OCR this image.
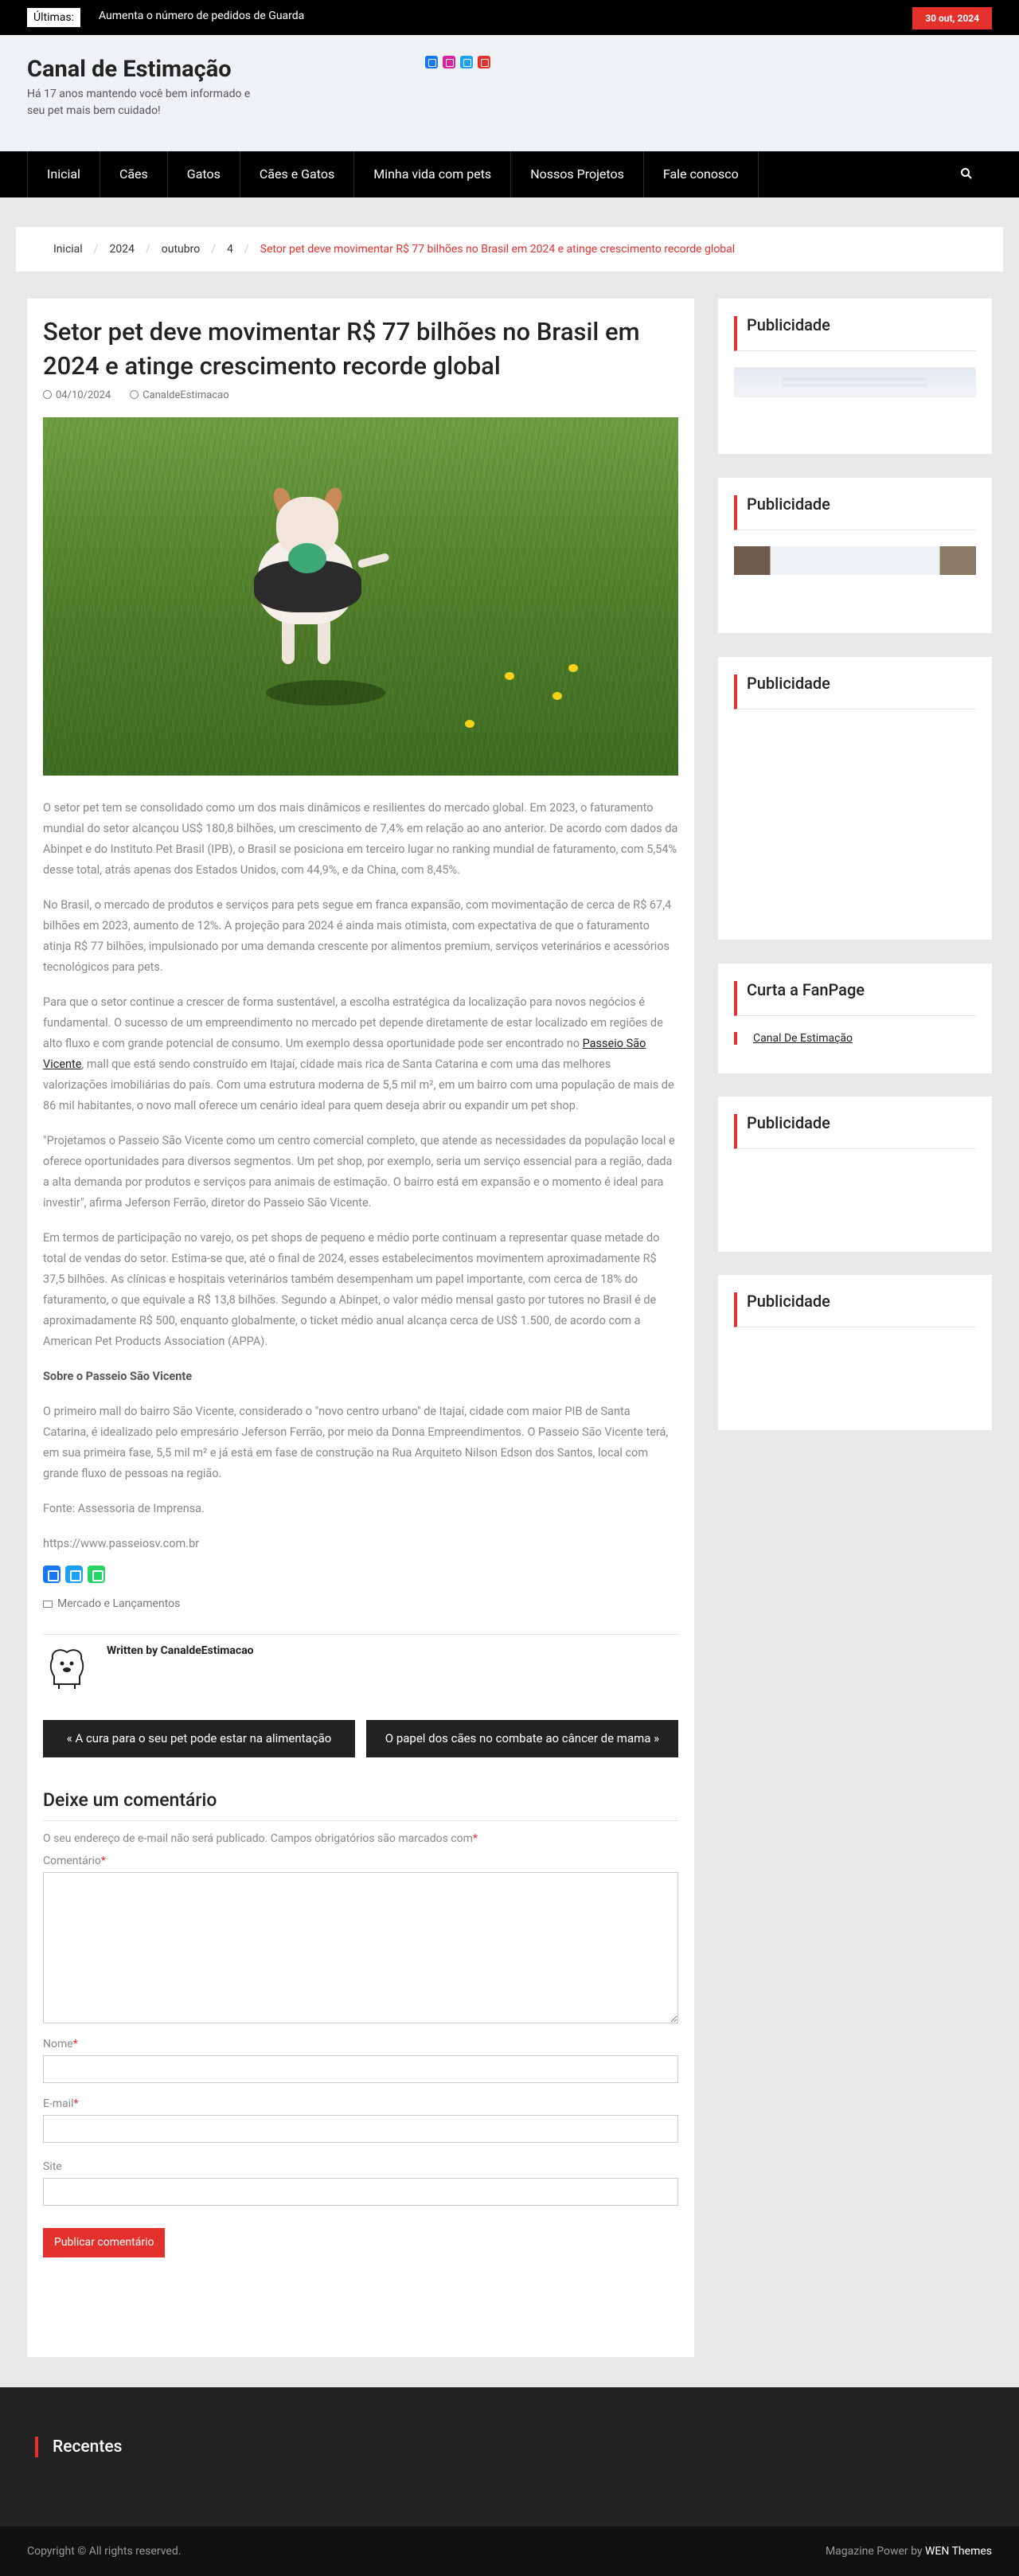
Últimas:	Aumenta o número de pedidos de Guarda	30 out, 2024
Canal de Estimação
Há 17 anos mantendo você bem informado e seu pet mais bem cuidado!
Inicial	Cães	Gatos	Cães e Gatos	Minha vida com pets	Nossos Projetos	Fale conosco
Inicial / 2024 / outubro / 4 / Setor pet deve movimentar R$ 77 bilhões no Brasil em 2024 e atinge crescimento recorde global
Setor pet deve movimentar R$ 77 bilhões no Brasil em 2024 e atinge crescimento recorde global
04/10/2024	CanaldeEstimacao

O setor pet tem se consolidado como um dos mais dinâmicos e resilientes do mercado global. Em 2023, o faturamento mundial do setor alcançou US$ 180,8 bilhões, um crescimento de 7,4% em relação ao ano anterior. De acordo com dados da Abinpet e do Instituto Pet Brasil (IPB), o Brasil se posiciona em terceiro lugar no ranking mundial de faturamento, com 5,54% desse total, atrás apenas dos Estados Unidos, com 44,9%, e da China, com 8,45%.

No Brasil, o mercado de produtos e serviços para pets segue em franca expansão, com movimentação de cerca de R$ 67,4 bilhões em 2023, aumento de 12%. A projeção para 2024 é ainda mais otimista, com expectativa de que o faturamento atinja R$ 77 bilhões, impulsionado por uma demanda crescente por alimentos premium, serviços veterinários e acessórios tecnológicos para pets.

Para que o setor continue a crescer de forma sustentável, a escolha estratégica da localização para novos negócios é fundamental. O sucesso de um empreendimento no mercado pet depende diretamente de estar localizado em regiões de alto fluxo e com grande potencial de consumo. Um exemplo dessa oportunidade pode ser encontrado no Passeio São Vicente, mall que está sendo construído em Itajaí, cidade mais rica de Santa Catarina e com uma das melhores valorizações imobiliárias do país. Com uma estrutura moderna de 5,5 mil m², em um bairro com uma população de mais de 86 mil habitantes, o novo mall oferece um cenário ideal para quem deseja abrir ou expandir um pet shop.

"Projetamos o Passeio São Vicente como um centro comercial completo, que atende as necessidades da população local e oferece oportunidades para diversos segmentos. Um pet shop, por exemplo, seria um serviço essencial para a região, dada a alta demanda por produtos e serviços para animais de estimação. O bairro está em expansão e o momento é ideal para investir", afirma Jeferson Ferrão, diretor do Passeio São Vicente.

Em termos de participação no varejo, os pet shops de pequeno e médio porte continuam a representar quase metade do total de vendas do setor. Estima-se que, até o final de 2024, esses estabelecimentos movimentem aproximadamente R$ 37,5 bilhões. As clínicas e hospitais veterinários também desempenham um papel importante, com cerca de 18% do faturamento, o que equivale a R$ 13,8 bilhões. Segundo a Abinpet, o valor médio mensal gasto por tutores no Brasil é de aproximadamente R$ 500, enquanto globalmente, o ticket médio anual alcança cerca de US$ 1.500, de acordo com a American Pet Products Association (APPA).

Sobre o Passeio São Vicente

O primeiro mall do bairro São Vicente, considerado o "novo centro urbano" de Itajaí, cidade com maior PIB de Santa Catarina, é idealizado pelo empresário Jeferson Ferrão, por meio da Donna Empreendimentos. O Passeio São Vicente terá, em sua primeira fase, 5,5 mil m² e já está em fase de construção na Rua Arquiteto Nilson Edson dos Santos, local com grande fluxo de pessoas na região.

Fonte: Assessoria de Imprensa.

https://www.passeiosv.com.br

Mercado e Lançamentos
Written by CanaldeEstimacao
« A cura para o seu pet pode estar na alimentação	O papel dos cães no combate ao câncer de mama »
Deixe um comentário
O seu endereço de e-mail não será publicado. Campos obrigatórios são marcados com*
Comentário*
Nome*
E-mail*
Site
Publicar comentário
Publicidade
Publicidade
Publicidade
Curta a FanPage
Canal De Estimação
Publicidade
Publicidade
Recentes
Copyright © All rights reserved.	Magazine Power by WEN Themes
